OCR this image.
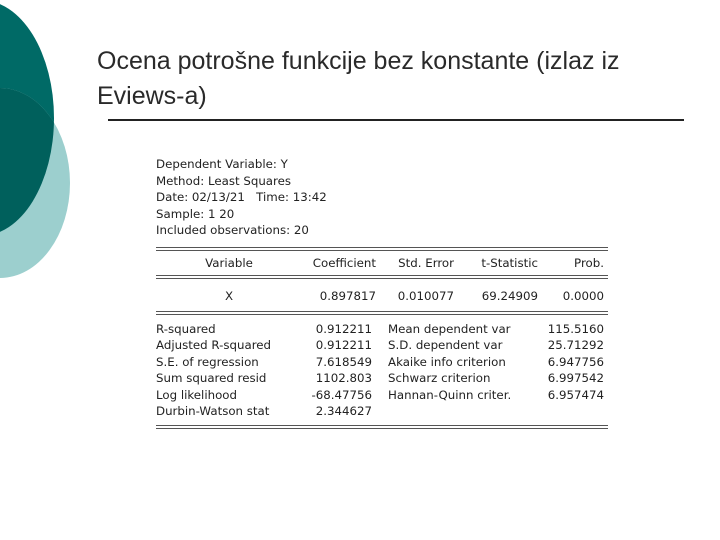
Ocena potrošne funkcije bez konstante (izlaz iz Eviews-a)
Dependent Variable: Y
Method: Least Squares
Date: 02/13/21   Time: 13:42
Sample: 1 20
Included observations: 20
Variable	Coefficient	Std. Error	t-Statistic	Prob.
X	0.897817	0.010077	69.24909	0.0000
R-squared	0.912211 Mean dependent var	115.5160
Adjusted R-squared	0.912211 S.D. dependent var	25.71292
S.E. of regression	7.618549 Akaike info criterion	6.947756
Sum squared resid	1102.803 Schwarz criterion	6.997542
Log likelihood	-68.47756 Hannan-Quinn criter.	6.957474
Durbin-Watson stat	2.344627
